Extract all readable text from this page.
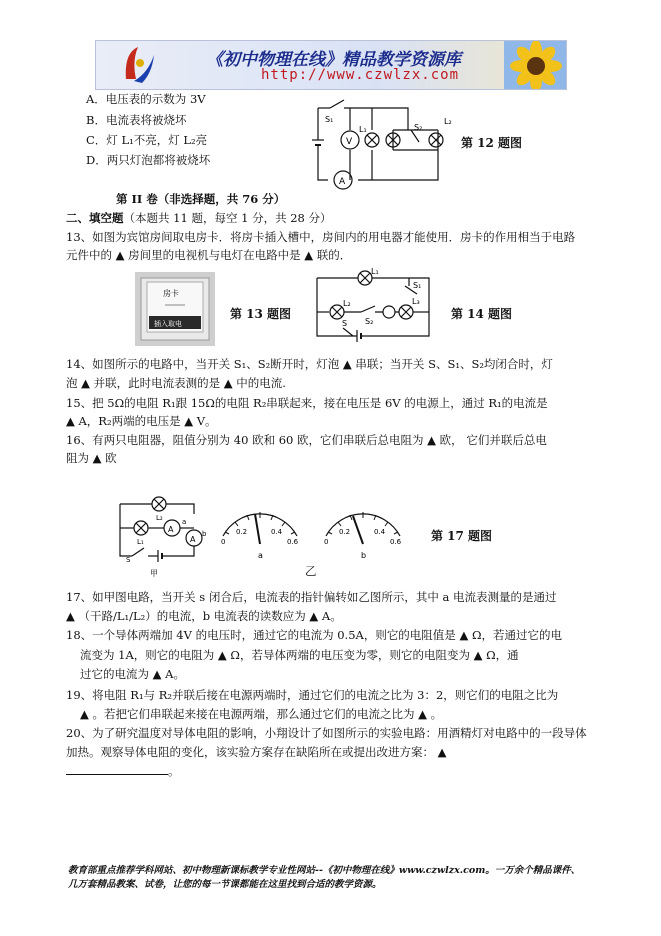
《初中物理在线》精品教学资源库
http://www.czwlzx.com
A．电压表的示数为 3V
B．电流表将被烧坏
C．灯 L₁不亮，灯 L₂亮
D．两只灯泡都将被烧坏
S₁
V
L₁	S₂
L₂
A
第 12 题图
第 II 卷（非选择题，共 76 分）
二、填空题（本题共 11 题，每空 1 分，共 28 分）
13、如图为宾馆房间取电房卡．将房卡插入槽中，房间内的用电器才能使用．房卡的作用相当于电路
元件中的 ▲ 房间里的电视机与电灯在电路中是 ▲ 联的．
房卡
插入取电
第 13 题图
L₁
S₁
L₂
S₂
L₃
S
第 14 题图
14、如图所示的电路中，当开关 S₁、S₂断开时，灯泡 ▲ 串联；当开关 S、S₁、S₂均闭合时，灯
泡 ▲ 并联，此时电流表测的是 ▲ 中的电流.
15、把 5Ω的电阻 R₁跟 15Ω的电阻 R₂串联起来，接在电压是 6V 的电源上，通过 R₁的电流是
▲ A，R₂两端的电压是 ▲ V。
16、有两只电阻器，阻值分别为 40 欧和 60 欧，它们串联后总电阻为 ▲ 欧， 它们并联后总电
阻为 ▲ 欧
L₂
L₁
A
A
a
b
S
甲
0
0.2	0.4
0.6
a
0
0.2	0.4
0.6
b
乙
第 17 题图
17、如甲图电路，当开关 s 闭合后，电流表的指针偏转如乙图所示，其中 a 电流表测量的是通过
▲ （干路/L₁/L₂）的电流，b 电流表的读数应为 ▲ A。
18、一个导体两端加 4V 的电压时，通过它的电流为 0.5A，则它的电阻值是 ▲ Ω，若通过它的电
流变为 1A，则它的电阻为 ▲ Ω，若导体两端的电压变为零，则它的电阻变为 ▲ Ω，通
过它的电流为 ▲ A。
19、将电阻 R₁与 R₂并联后接在电源两端时，通过它们的电流之比为 3：2，则它们的电阻之比为
▲ 。若把它们串联起来接在电源两端，那么通过它们的电流之比为 ▲ 。
20、为了研究温度对导体电阻的影响，小翔设计了如图所示的实验电路：用酒精灯对电路中的一段导体
加热。观察导体电阻的变化，该实验方案存在缺陷所在或提出改进方案： ▲
。
教育部重点推荐学科网站、初中物理新课标教学专业性网站--《初中物理在线》www.czwlzx.com。一万余个精品课件、
几万套精品教案、试卷，让您的每一节课都能在这里找到合适的教学资源。
